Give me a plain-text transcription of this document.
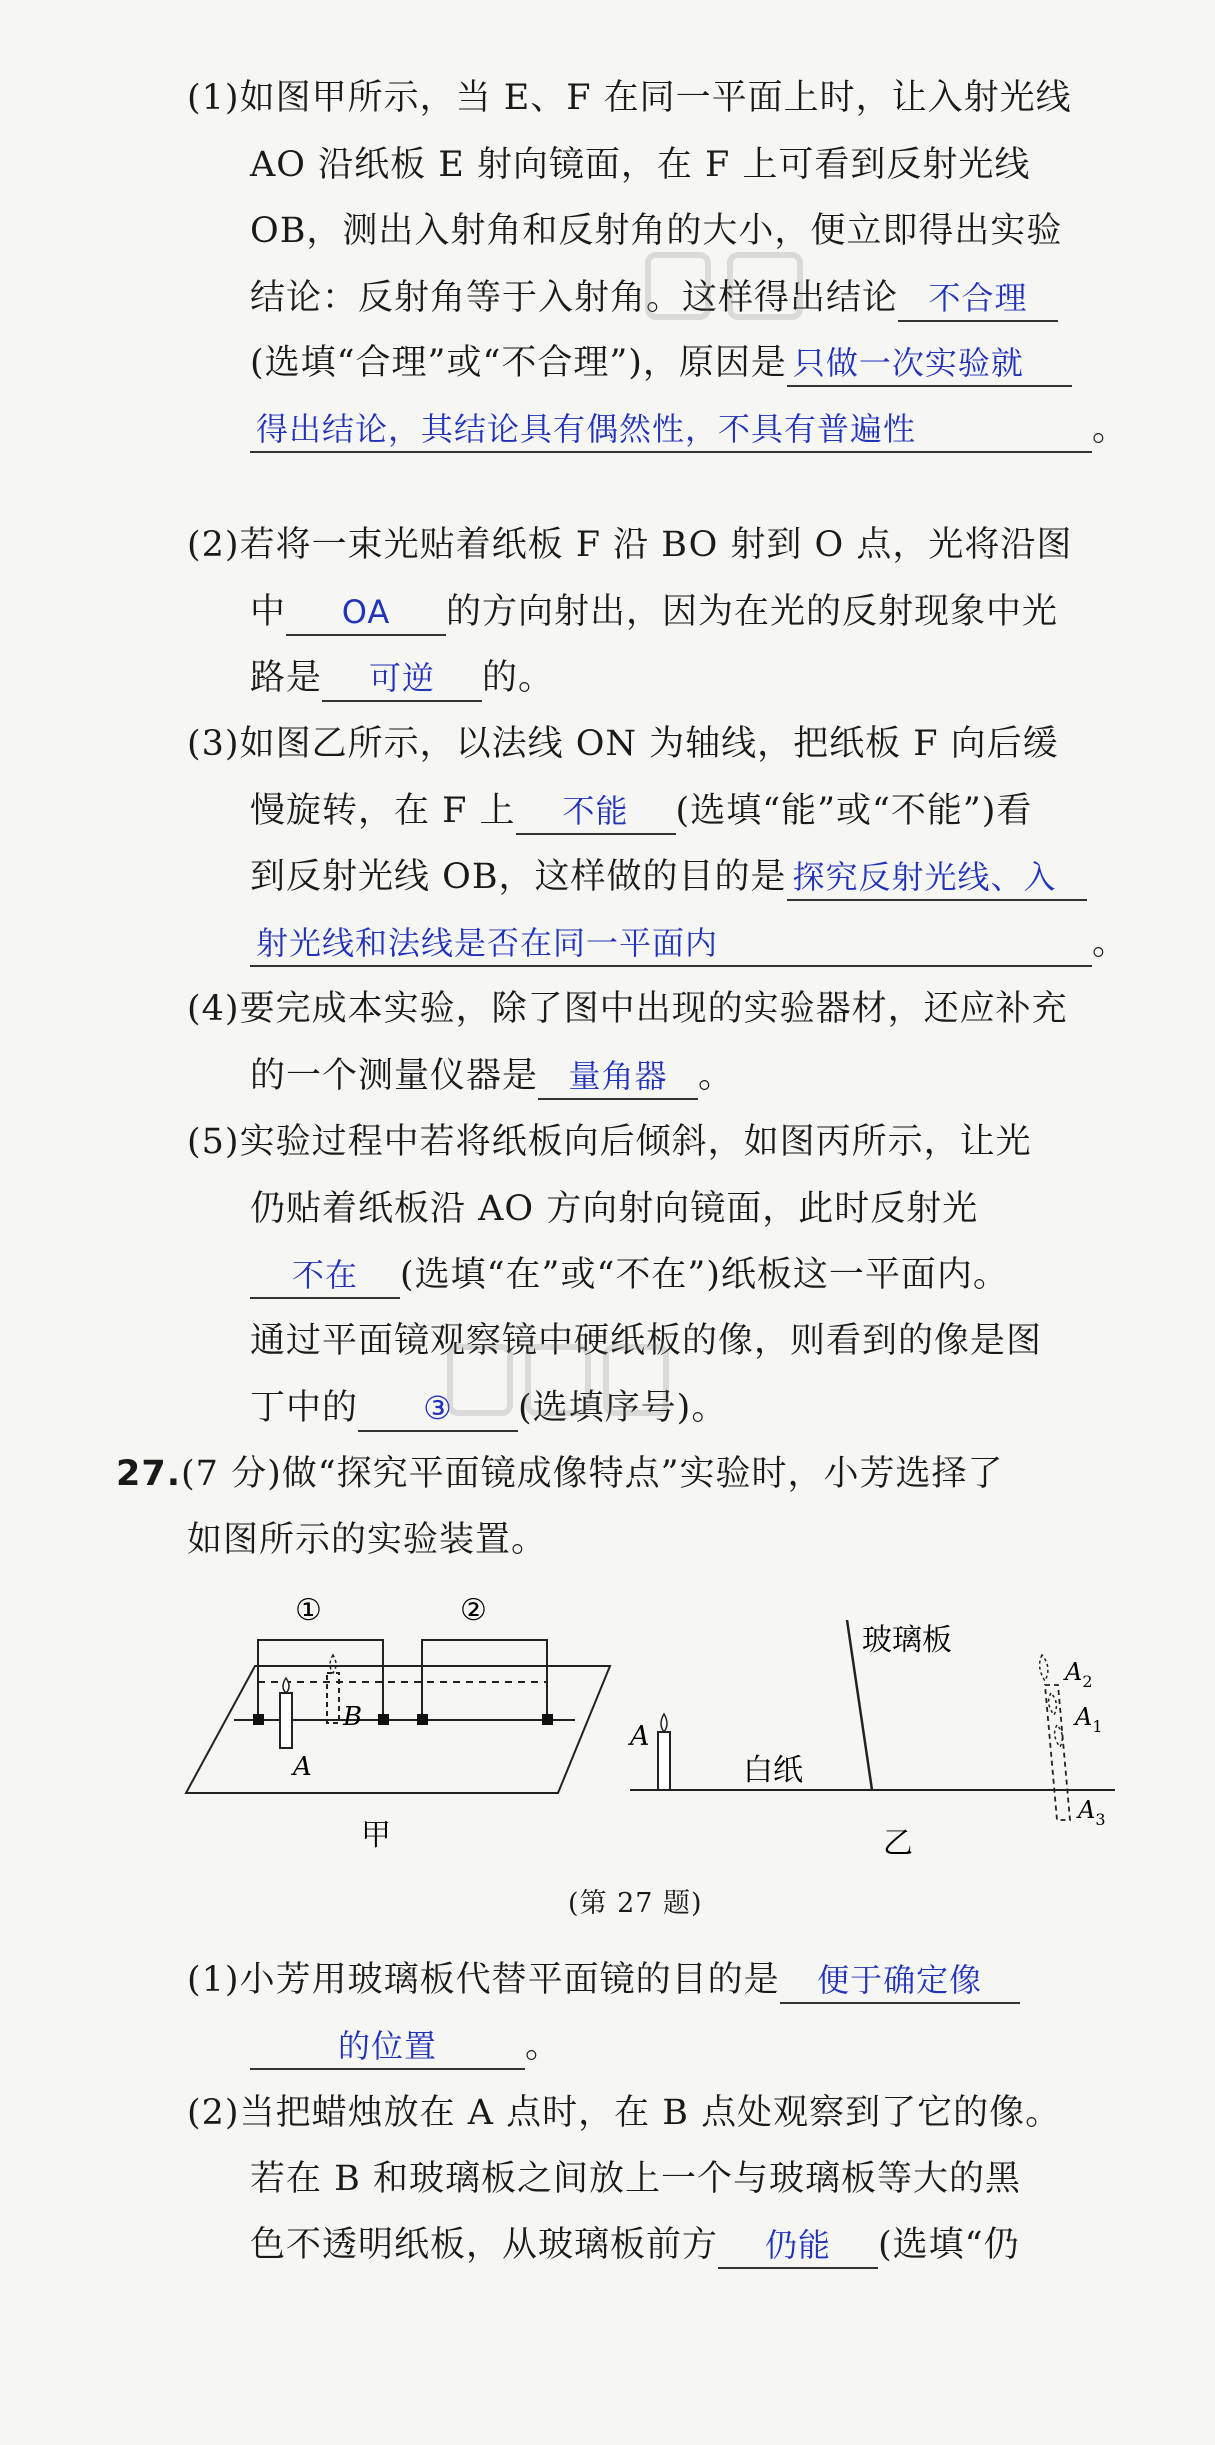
(1)如图甲所示，当 E、F 在同一平面上时，让入射光线
AO 沿纸板 E 射向镜面，在 F 上可看到反射光线
OB，测出入射角和反射角的大小，便立即得出实验
结论：反射角等于入射角。这样得出结论 不合理
(选填“合理”或“不合理”)，原因是 只做一次实验就
得出结论，其结论具有偶然性，不具有普遍性	。
(2)若将一束光贴着纸板 F 沿 BO 射到 O 点，光将沿图
中 OA 的方向射出，因为在光的反射现象中光
路是 可逆 的。
(3)如图乙所示，以法线 ON 为轴线，把纸板 F 向后缓
慢旋转，在 F 上 不能 (选填“能”或“不能”)看
到反射光线 OB，这样做的目的是 探究反射光线、入
射光线和法线是否在同一平面内	。
(4)要完成本实验，除了图中出现的实验器材，还应补充
的一个测量仪器是 量角器 。
(5)实验过程中若将纸板向后倾斜，如图丙所示，让光
仍贴着纸板沿 AO 方向射向镜面，此时反射光
不在 (选填“在”或“不在”)纸板这一平面内。
通过平面镜观察镜中硬纸板的像，则看到的像是图
丁中的 ③ (选填序号)。
27.(7 分)做“探究平面镜成像特点”实验时，小芳选择了
如图所示的实验装置。
①	②
B
A
甲
玻璃板
A
白纸
乙
$A_2$
$A_1$
$A_3$
(第 27 题)
(1)小芳用玻璃板代替平面镜的目的是 便于确定像
的位置	。
(2)当把蜡烛放在 A 点时，在 B 点处观察到了它的像。
若在 B 和玻璃板之间放上一个与玻璃板等大的黑
色不透明纸板，从玻璃板前方 仍能 (选填“仍
